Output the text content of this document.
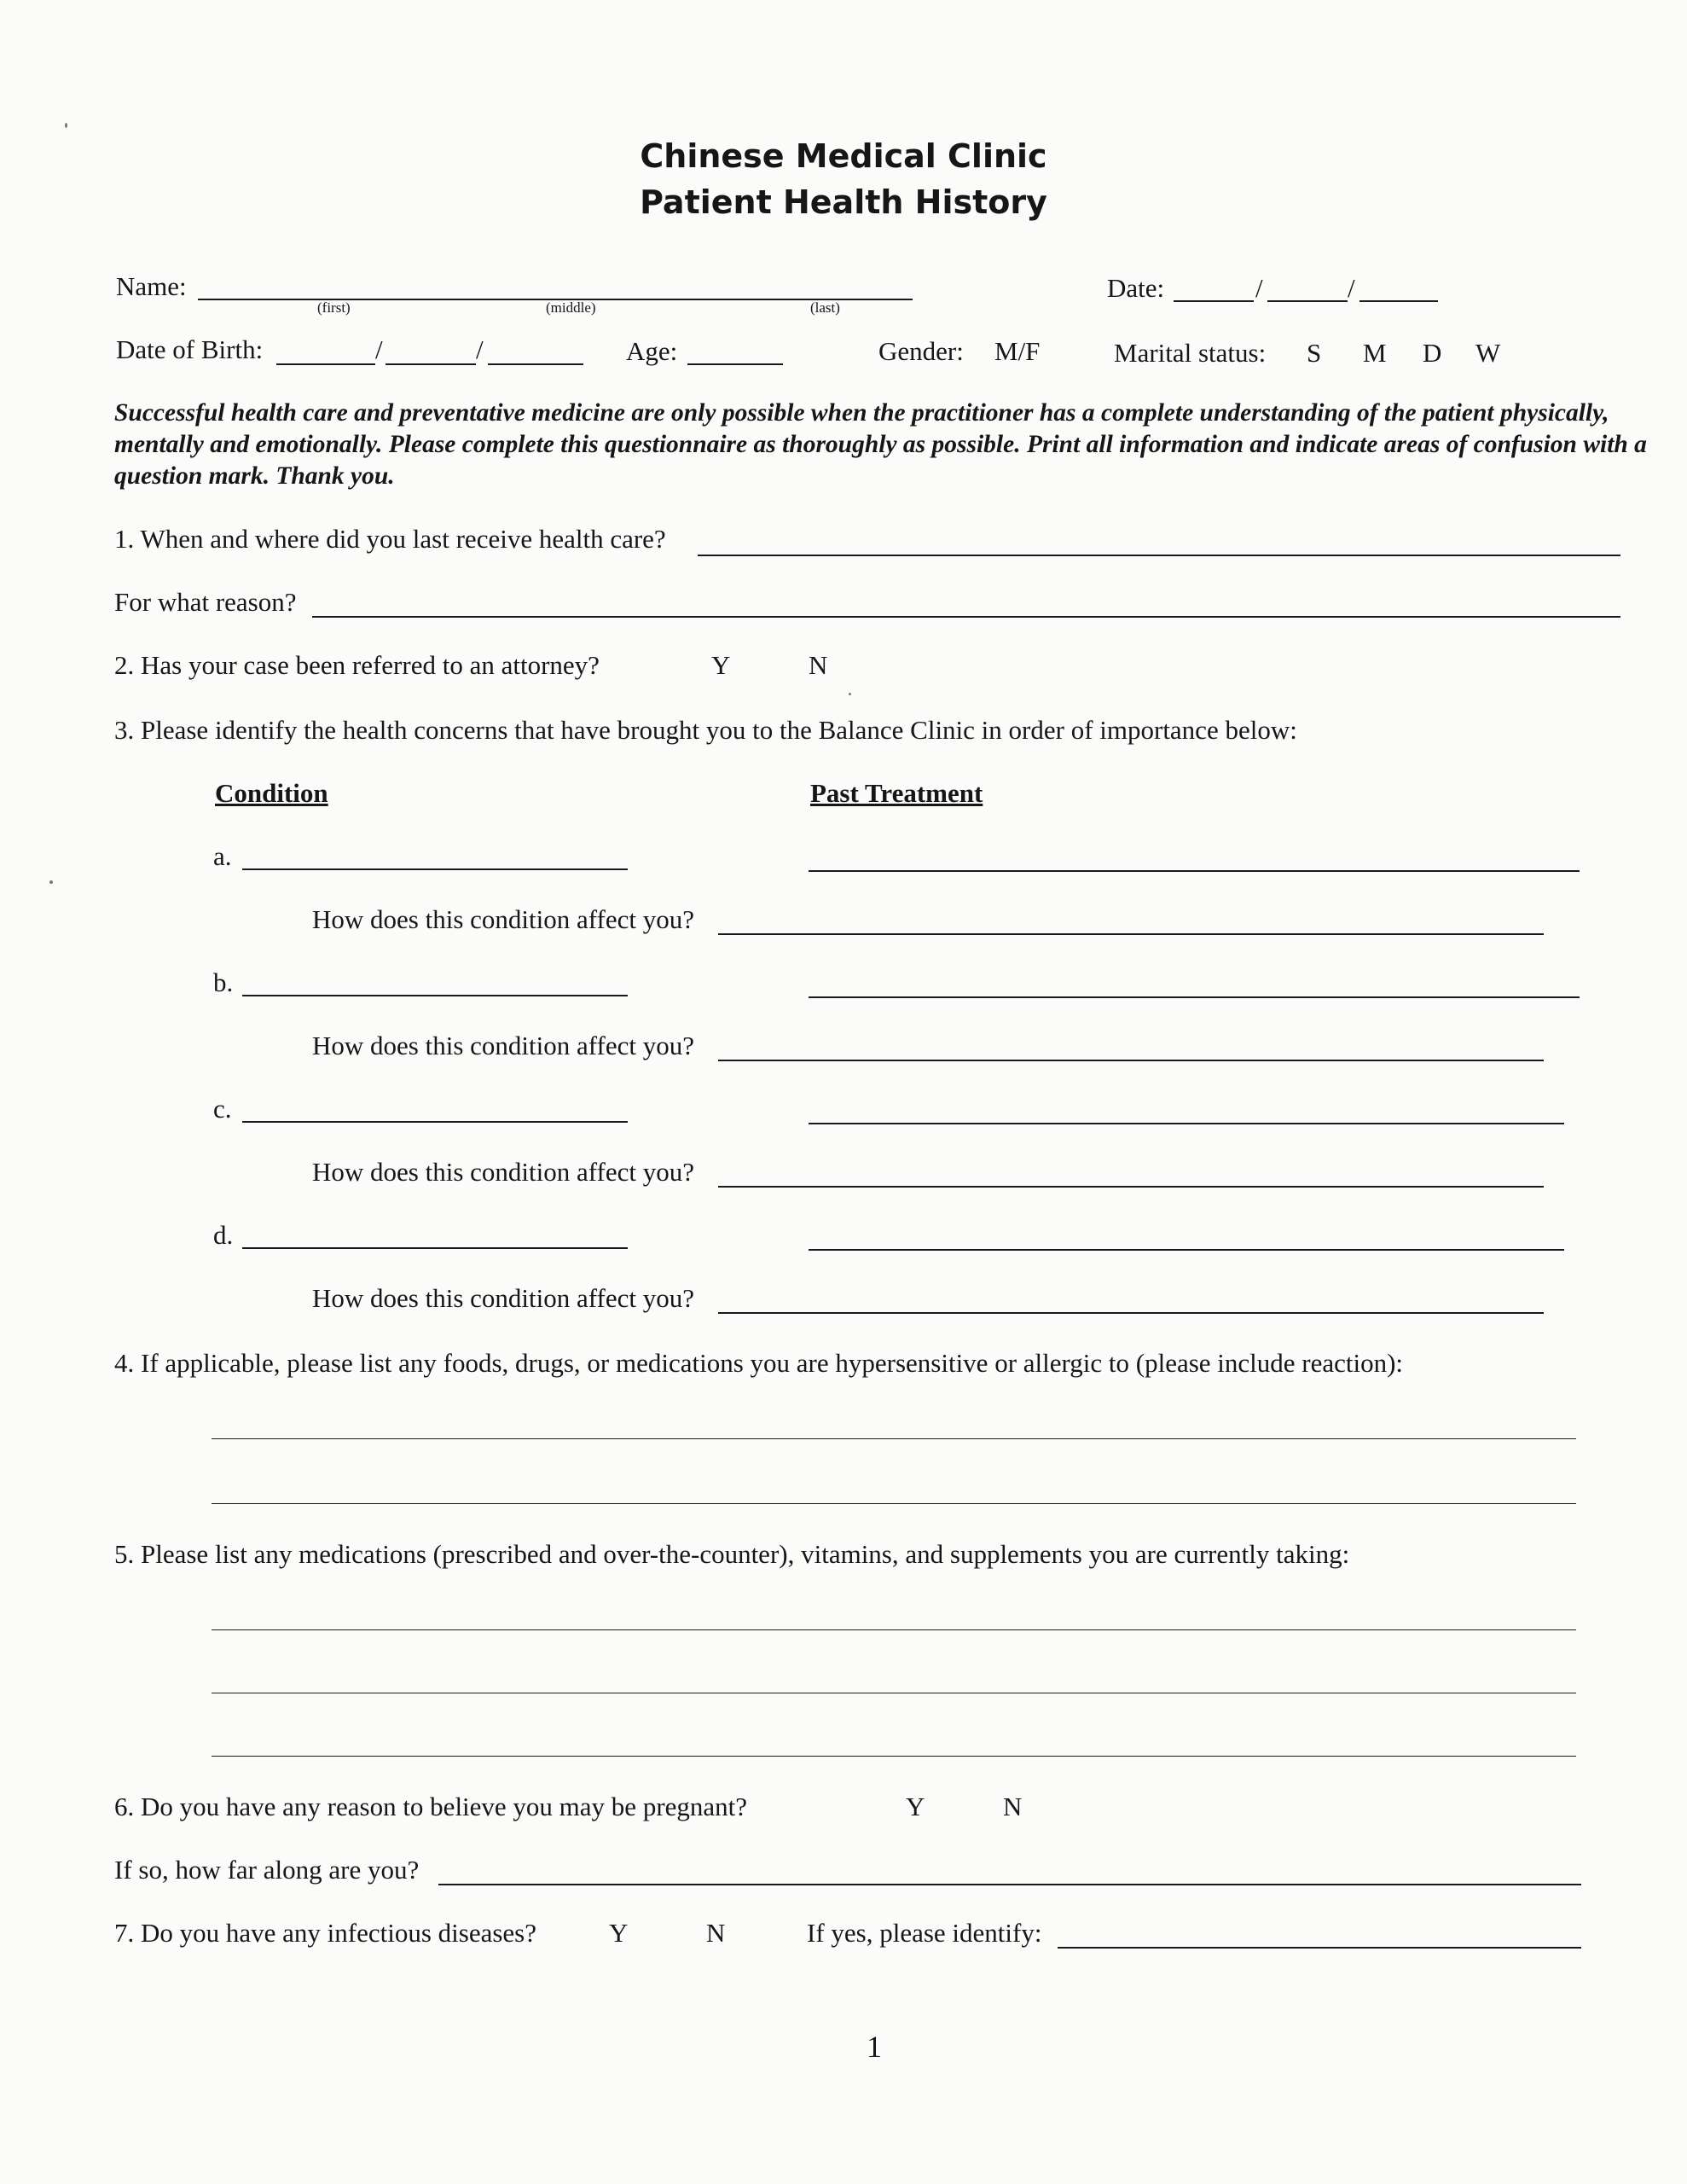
Chinese Medical Clinic
Patient Health History
Name:
(first)	(middle)	(last)
Date:	/	/
Date of Birth:	/	/	Age:	Gender: M/F	Marital status: S M D W
Successful health care and preventative medicine are only possible when the practitioner has a complete understanding of the patient physically, mentally and emotionally. Please complete this questionnaire as thoroughly as possible. Print all information and indicate areas of confusion with a question mark. Thank you.
1. When and where did you last receive health care?
For what reason?
2. Has your case been referred to an attorney?	Y	N
3. Please identify the health concerns that have brought you to the Balance Clinic in order of importance below:
Condition	Past Treatment
a.
How does this condition affect you?
b.
How does this condition affect you?
c.
How does this condition affect you?
d.
How does this condition affect you?
4. If applicable, please list any foods, drugs, or medications you are hypersensitive or allergic to (please include reaction):
5. Please list any medications (prescribed and over-the-counter), vitamins, and supplements you are currently taking:
6. Do you have any reason to believe you may be pregnant?	Y	N
If so, how far along are you?
7. Do you have any infectious diseases?	Y	N	If yes, please identify:
1
